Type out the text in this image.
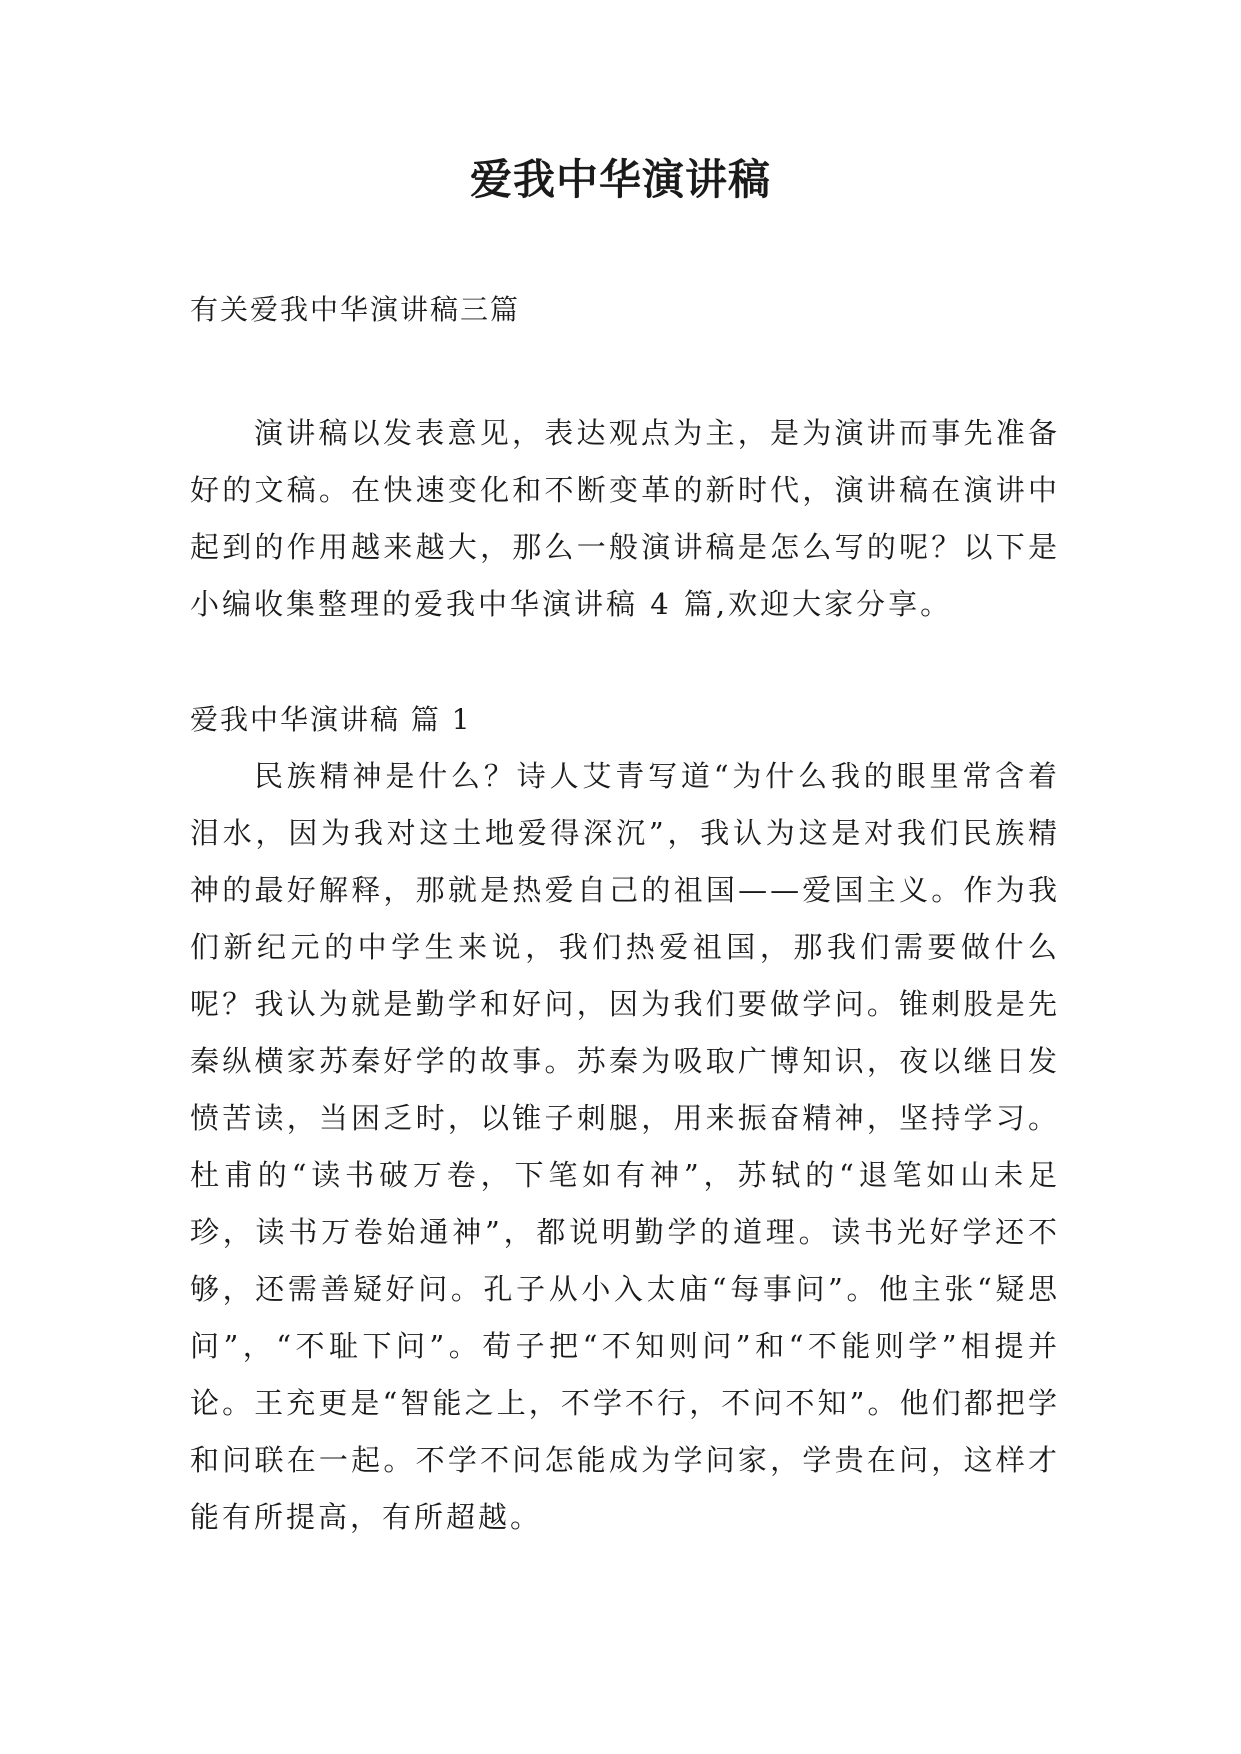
爱我中华演讲稿

有关爱我中华演讲稿三篇

演讲稿以发表意见，表达观点为主，是为演讲而事先准备好的文稿。在快速变化和不断变革的新时代，演讲稿在演讲中起到的作用越来越大，那么一般演讲稿是怎么写的呢？以下是小编收集整理的爱我中华演讲稿 4 篇,欢迎大家分享。

爱我中华演讲稿 篇 1

民族精神是什么？诗人艾青写道“为什么我的眼里常含着泪水，因为我对这土地爱得深沉”，我认为这是对我们民族精神的最好解释，那就是热爱自己的祖国——爱国主义。作为我们新纪元的中学生来说，我们热爱祖国，那我们需要做什么呢？我认为就是勤学和好问，因为我们要做学问。锥刺股是先秦纵横家苏秦好学的故事。苏秦为吸取广博知识，夜以继日发愤苦读，当困乏时，以锥子刺腿，用来振奋精神，坚持学习。杜甫的“读书破万卷，下笔如有神”，苏轼的“退笔如山未足珍，读书万卷始通神”，都说明勤学的道理。读书光好学还不够，还需善疑好问。孔子从小入太庙“每事问”。他主张“疑思问”，“不耻下问”。荀子把“不知则问”和“不能则学”相提并论。王充更是“智能之上，不学不行，不问不知”。他们都把学和问联在一起。不学不问怎能成为学问家，学贵在问，这样才能有所提高，有所超越。
